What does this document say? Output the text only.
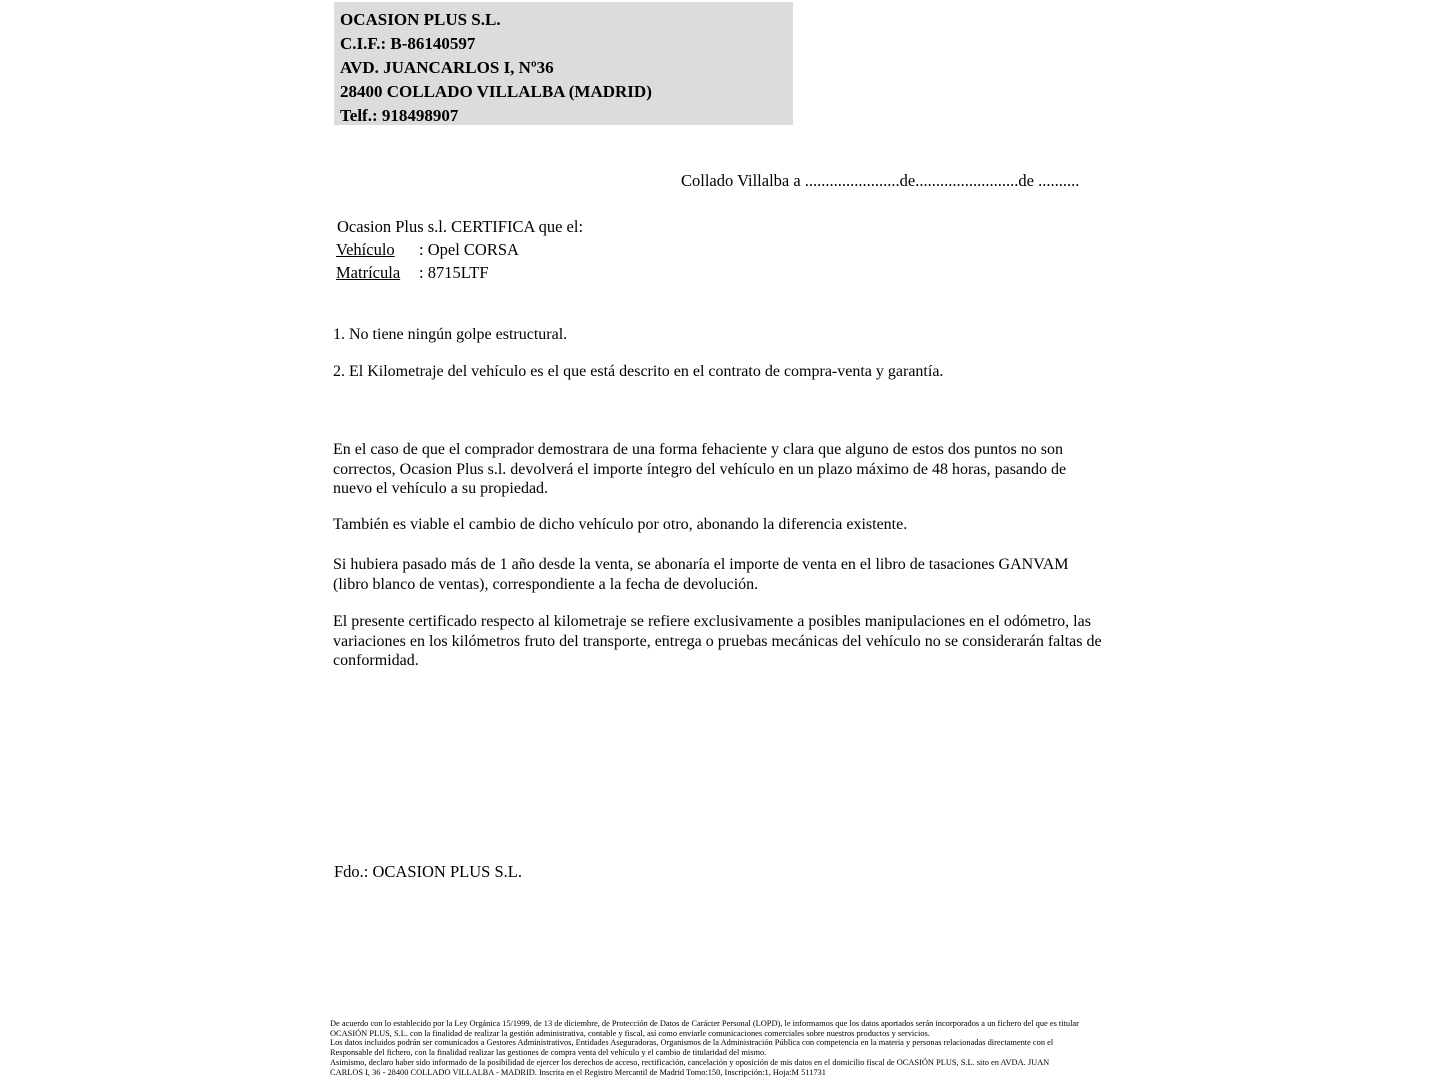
OCASION PLUS S.L.
C.I.F.: B-86140597
AVD. JUANCARLOS I, Nº36
28400 COLLADO VILLALBA (MADRID)
Telf.: 918498907
Collado Villalba a .......................de.........................de ..........
Ocasion Plus s.l. CERTIFICA que el:
Vehículo : Opel CORSA
Matrícula : 8715LTF
1. No tiene ningún golpe estructural.
2. El Kilometraje del vehículo es el que está descrito en el contrato de compra-venta y garantía.
En el caso de que el comprador demostrara de una forma fehaciente y clara que alguno de estos dos puntos no son correctos, Ocasion Plus s.l. devolverá el importe íntegro del vehículo en un plazo máximo de 48 horas, pasando de nuevo el vehículo a su propiedad.
También es viable el cambio de dicho vehículo por otro, abonando la diferencia existente.
Si hubiera pasado más de 1 año desde la venta, se abonaría el importe de venta en el libro de tasaciones GANVAM (libro blanco de ventas), correspondiente a la fecha de devolución.
El presente certificado respecto al kilometraje se refiere exclusivamente a posibles manipulaciones en el odómetro, las variaciones en los kilómetros fruto del transporte, entrega o pruebas mecánicas del vehículo no se considerarán faltas de conformidad.
Fdo.: OCASION PLUS S.L.
De acuerdo con lo establecido por la Ley Orgánica 15/1999, de 13 de diciembre, de Protección de Datos de Carácter Personal (LOPD), le informamos que los datos aportados serán incorporados a un fichero del que es titular
OCASIÓN PLUS, S.L. con la finalidad de realizar la gestión administrativa, contable y fiscal, así como enviarle comunicaciones comerciales sobre nuestros productos y servicios.
Los datos incluidos podrán ser comunicados a Gestores Administrativos, Entidades Aseguradoras, Organismos de la Administración Pública con competencia en la materia y personas relacionadas directamente con el
Responsable del fichero, con la finalidad realizar las gestiones de compra venta del vehículo y el cambio de titularidad del mismo.
Asimismo, declaro haber sido informado de la posibilidad de ejercer los derechos de acceso, rectificación, cancelación y oposición de mis datos en el domicilio fiscal de OCASIÓN PLUS, S.L. sito en AVDA. JUAN
CARLOS I, 36 - 28400 COLLADO VILLALBA - MADRID. Inscrita en el Registro Mercantil de Madrid Tomo:150, Inscripción:1, Hoja:M 511731
